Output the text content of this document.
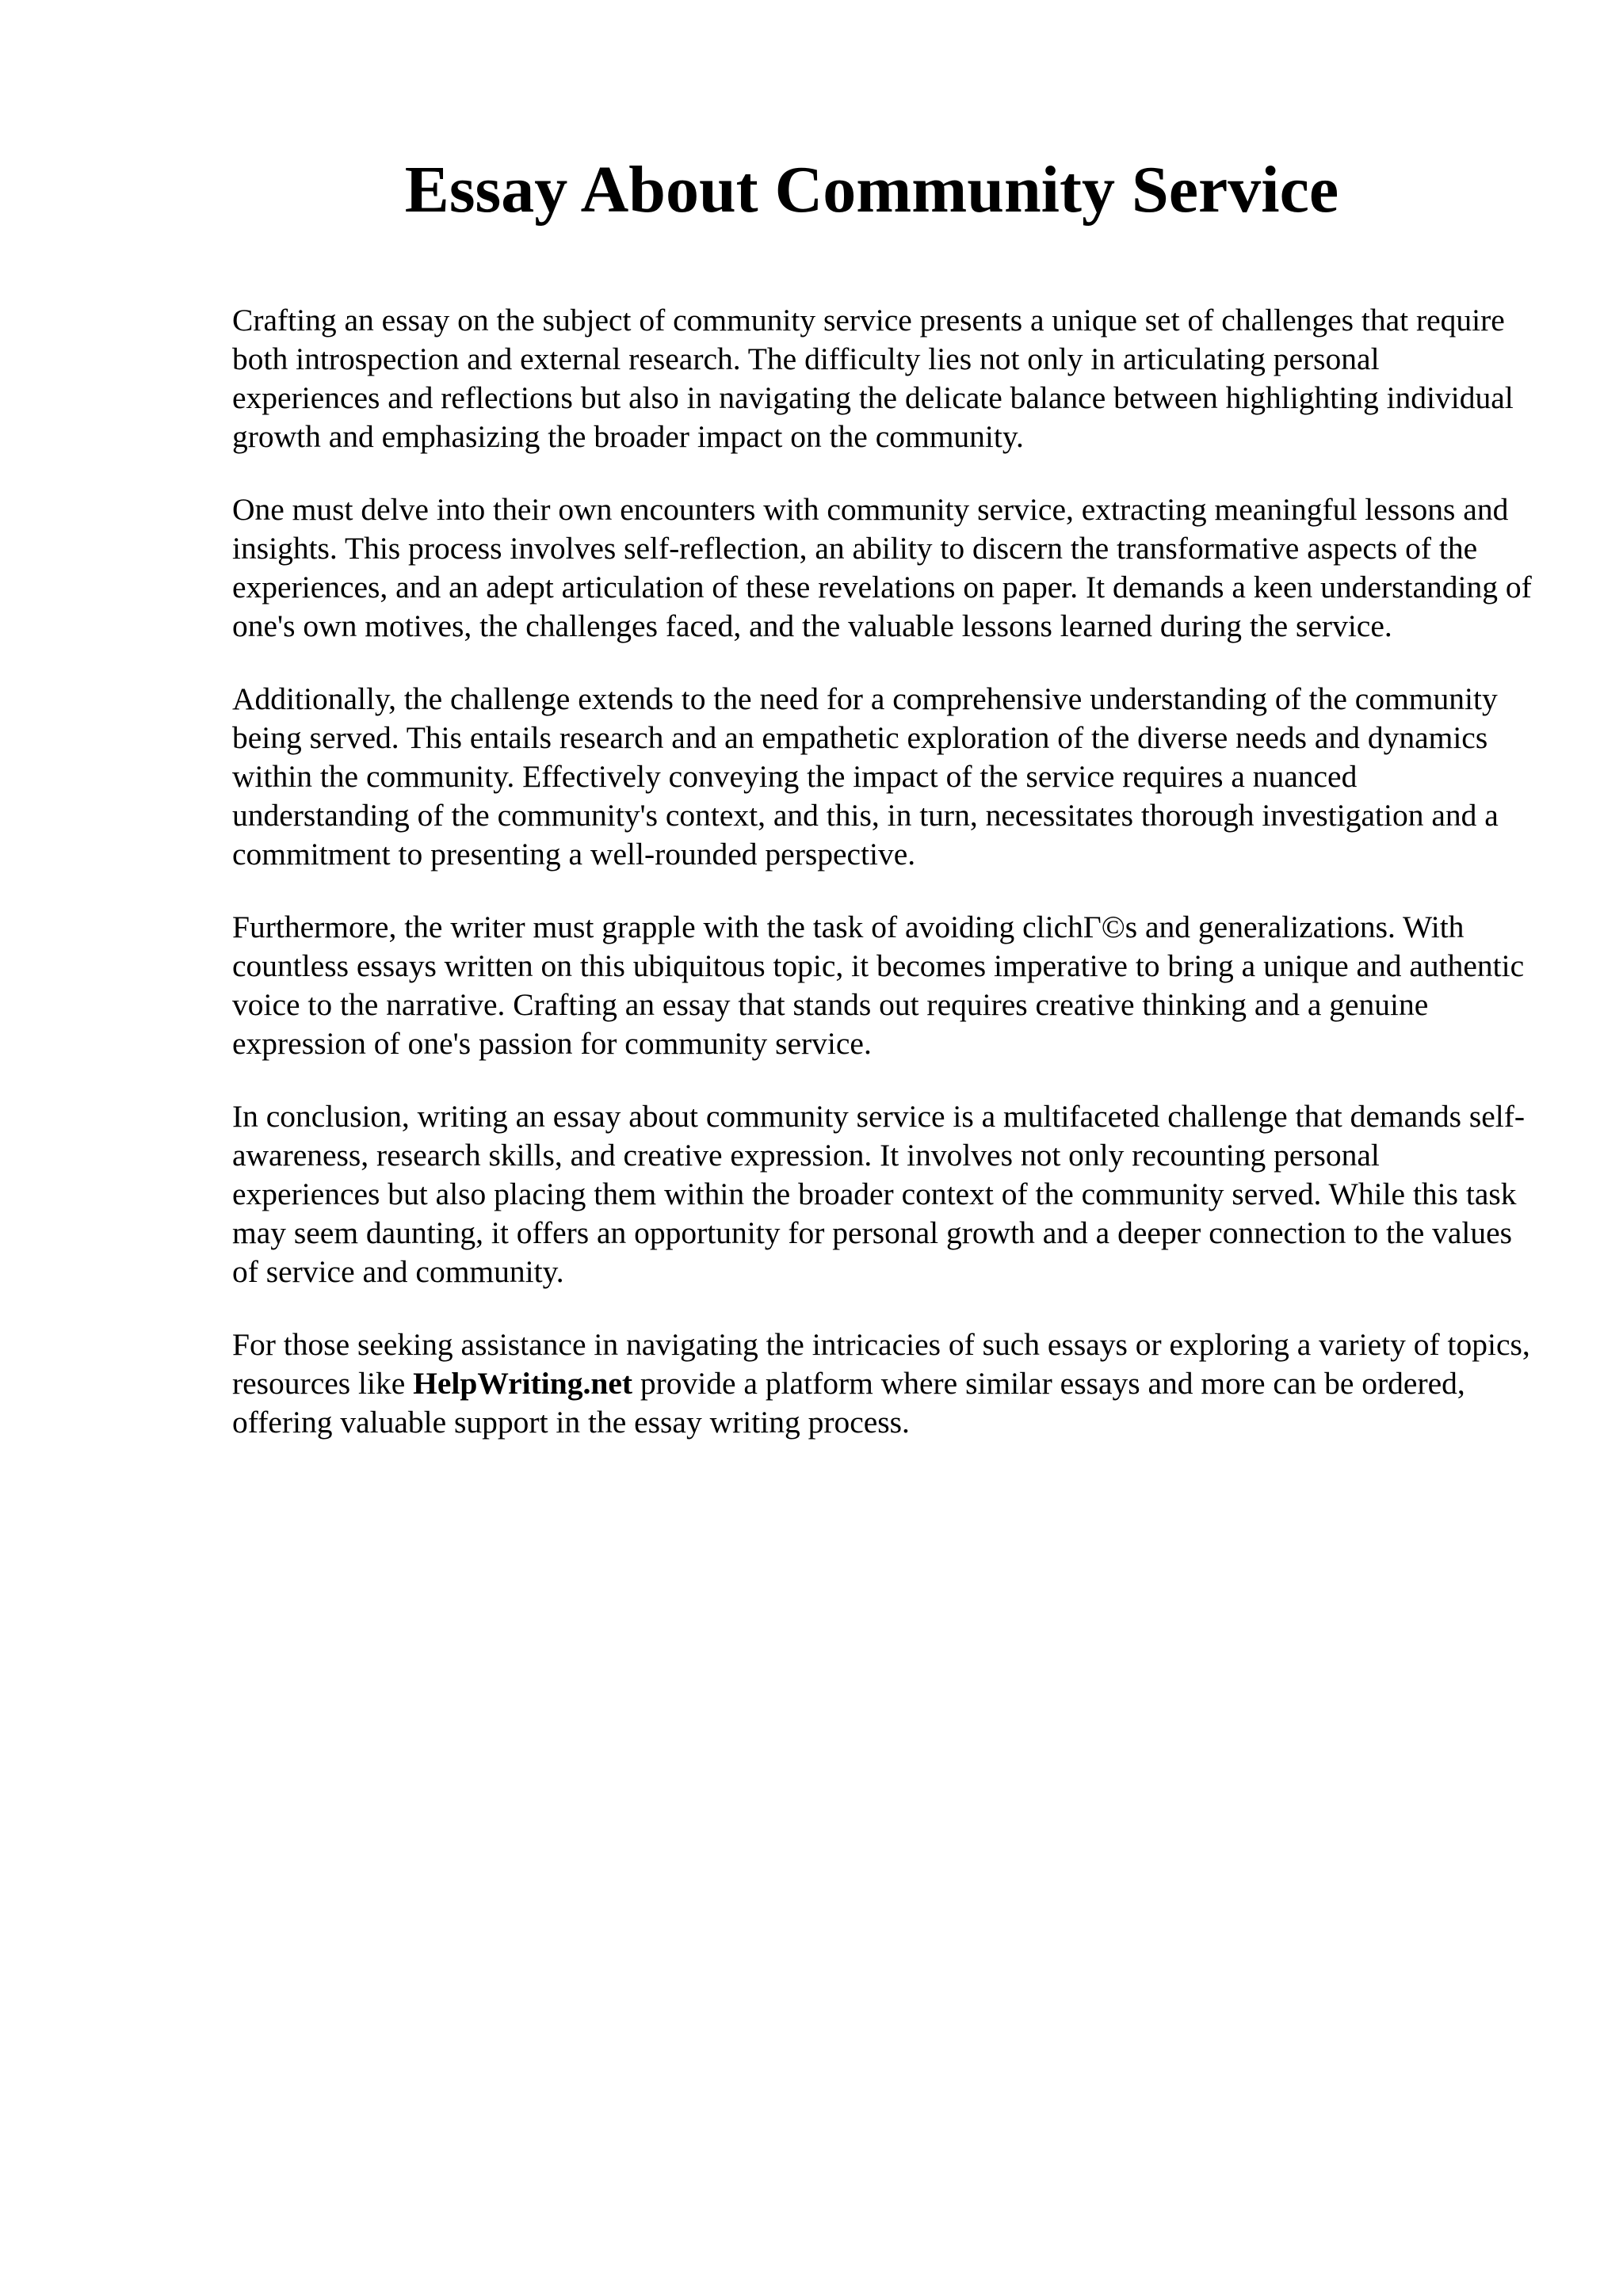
Essay About Community Service

Crafting an essay on the subject of community service presents a unique set of challenges that require both introspection and external research. The difficulty lies not only in articulating personal experiences and reflections but also in navigating the delicate balance between highlighting individual growth and emphasizing the broader impact on the community.

One must delve into their own encounters with community service, extracting meaningful lessons and insights. This process involves self-reflection, an ability to discern the transformative aspects of the experiences, and an adept articulation of these revelations on paper. It demands a keen understanding of one's own motives, the challenges faced, and the valuable lessons learned during the service.

Additionally, the challenge extends to the need for a comprehensive understanding of the community being served. This entails research and an empathetic exploration of the diverse needs and dynamics within the community. Effectively conveying the impact of the service requires a nuanced understanding of the community's context, and this, in turn, necessitates thorough investigation and a commitment to presenting a well-rounded perspective.

Furthermore, the writer must grapple with the task of avoiding clichΓ©s and generalizations. With countless essays written on this ubiquitous topic, it becomes imperative to bring a unique and authentic voice to the narrative. Crafting an essay that stands out requires creative thinking and a genuine expression of one's passion for community service.

In conclusion, writing an essay about community service is a multifaceted challenge that demands self-awareness, research skills, and creative expression. It involves not only recounting personal experiences but also placing them within the broader context of the community served. While this task may seem daunting, it offers an opportunity for personal growth and a deeper connection to the values of service and community.

For those seeking assistance in navigating the intricacies of such essays or exploring a variety of topics, resources like HelpWriting.net provide a platform where similar essays and more can be ordered, offering valuable support in the essay writing process.
